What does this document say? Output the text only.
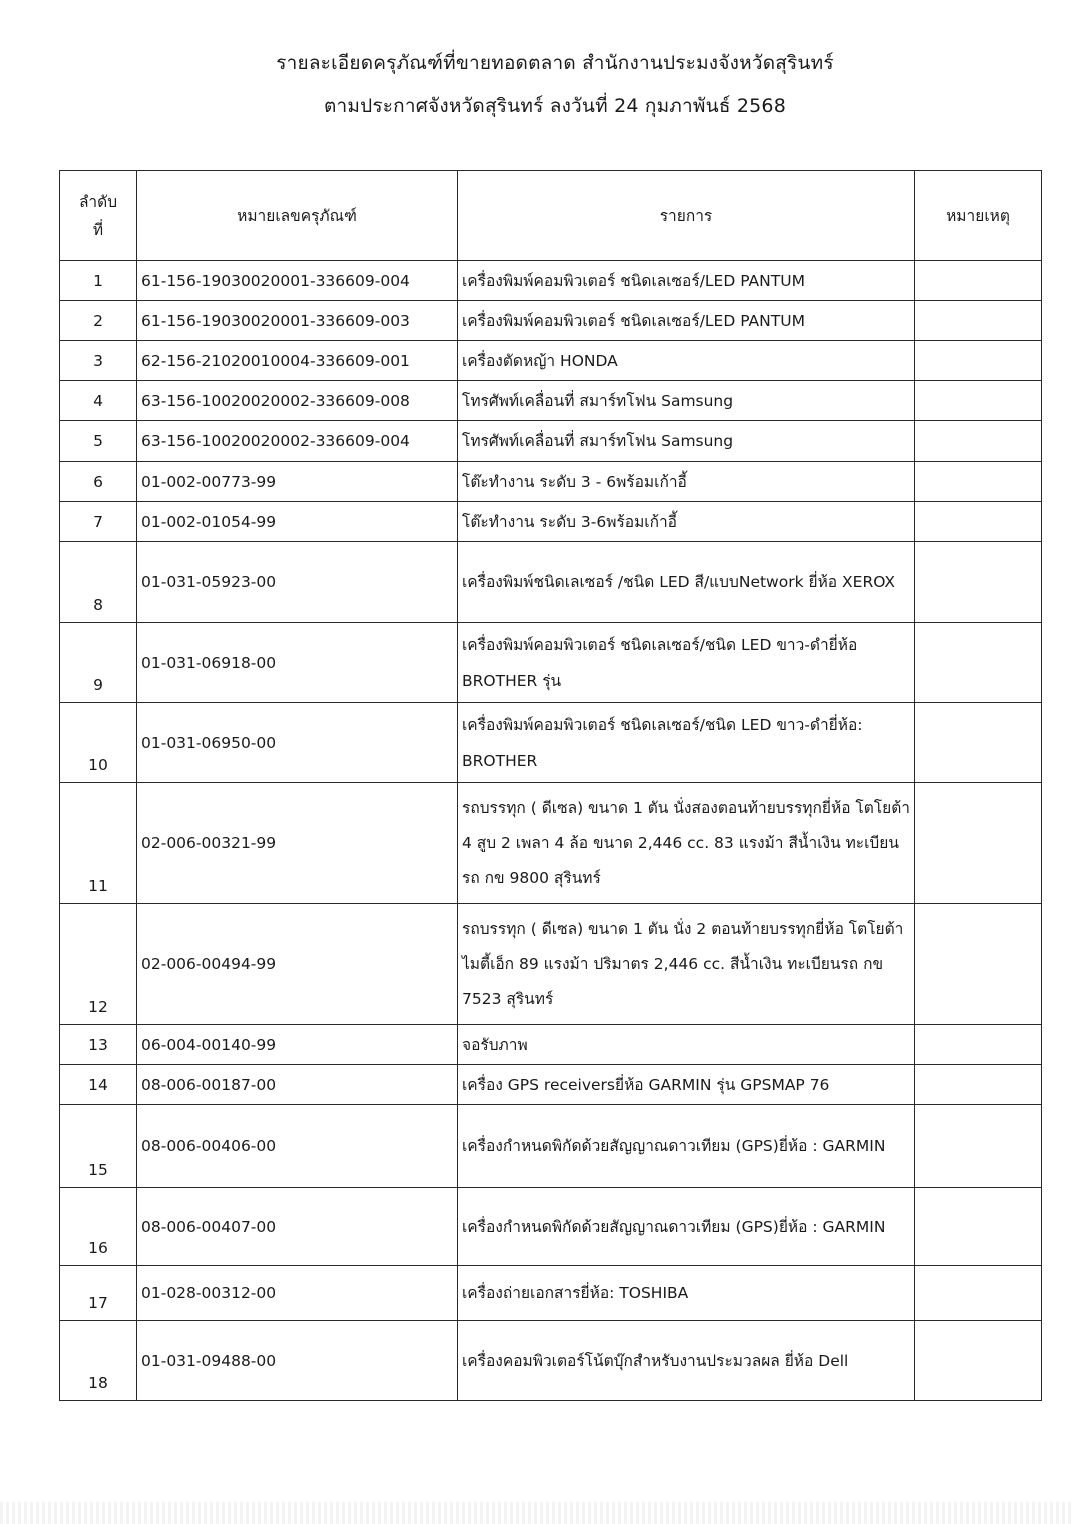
รายละเอียดครุภัณฑ์ที่ขายทอดตลาด สำนักงานประมงจังหวัดสุรินทร์
ตามประกาศจังหวัดสุรินทร์ ลงวันที่ 24 กุมภาพันธ์ 2568
ลำดับ
ที่	หมายเลขครุภัณฑ์	รายการ	หมายเหตุ
1	61-156-19030020001-336609-004	เครื่องพิมพ์คอมพิวเตอร์ ชนิดเลเซอร์/LED PANTUM	
2	61-156-19030020001-336609-003	เครื่องพิมพ์คอมพิวเตอร์ ชนิดเลเซอร์/LED PANTUM	
3	62-156-21020010004-336609-001	เครื่องตัดหญ้า HONDA	
4	63-156-10020020002-336609-008	โทรศัพท์เคลื่อนที่ สมาร์ทโฟน Samsung	
5	63-156-10020020002-336609-004	โทรศัพท์เคลื่อนที่ สมาร์ทโฟน Samsung	
6	01-002-00773-99	โต๊ะทำงาน ระดับ 3 - 6พร้อมเก้าอี้	
7	01-002-01054-99	โต๊ะทำงาน ระดับ 3-6พร้อมเก้าอี้	
8	01-031-05923-00	เครื่องพิมพ์ชนิดเลเซอร์ /ชนิด LED สี/แบบNetwork ยี่ห้อ XEROX	
9	01-031-06918-00	เครื่องพิมพ์คอมพิวเตอร์ ชนิดเลเซอร์/ชนิด LED ขาว-ดำยี่ห้อ BROTHER รุ่น	
10	01-031-06950-00	เครื่องพิมพ์คอมพิวเตอร์ ชนิดเลเซอร์/ชนิด LED ขาว-ดำยี่ห้อ: BROTHER	
11	02-006-00321-99	รถบรรทุก ( ดีเซล) ขนาด 1 ตัน นั่งสองตอนท้ายบรรทุกยี่ห้อ โตโยต้า 4 สูบ 2 เพลา 4 ล้อ ขนาด 2,446 cc. 83 แรงม้า สีน้ำเงิน ทะเบียนรถ กข 9800 สุรินทร์	
12	02-006-00494-99	รถบรรทุก ( ดีเซล) ขนาด 1 ตัน นั่ง 2 ตอนท้ายบรรทุกยี่ห้อ โตโยต้า ไมตี้เอ็ก 89 แรงม้า ปริมาตร 2,446 cc. สีน้ำเงิน ทะเบียนรถ กข 7523 สุรินทร์	
13	06-004-00140-99	จอรับภาพ	
14	08-006-00187-00	เครื่อง GPS receiversยี่ห้อ GARMIN รุ่น GPSMAP 76	
15	08-006-00406-00	เครื่องกำหนดพิกัดด้วยสัญญาณดาวเทียม (GPS)ยี่ห้อ : GARMIN	
16	08-006-00407-00	เครื่องกำหนดพิกัดด้วยสัญญาณดาวเทียม (GPS)ยี่ห้อ : GARMIN	
17	01-028-00312-00	เครื่องถ่ายเอกสารยี่ห้อ: TOSHIBA	
18	01-031-09488-00	เครื่องคอมพิวเตอร์โน้ตบุ๊กสำหรับงานประมวลผล ยี่ห้อ Dell	
